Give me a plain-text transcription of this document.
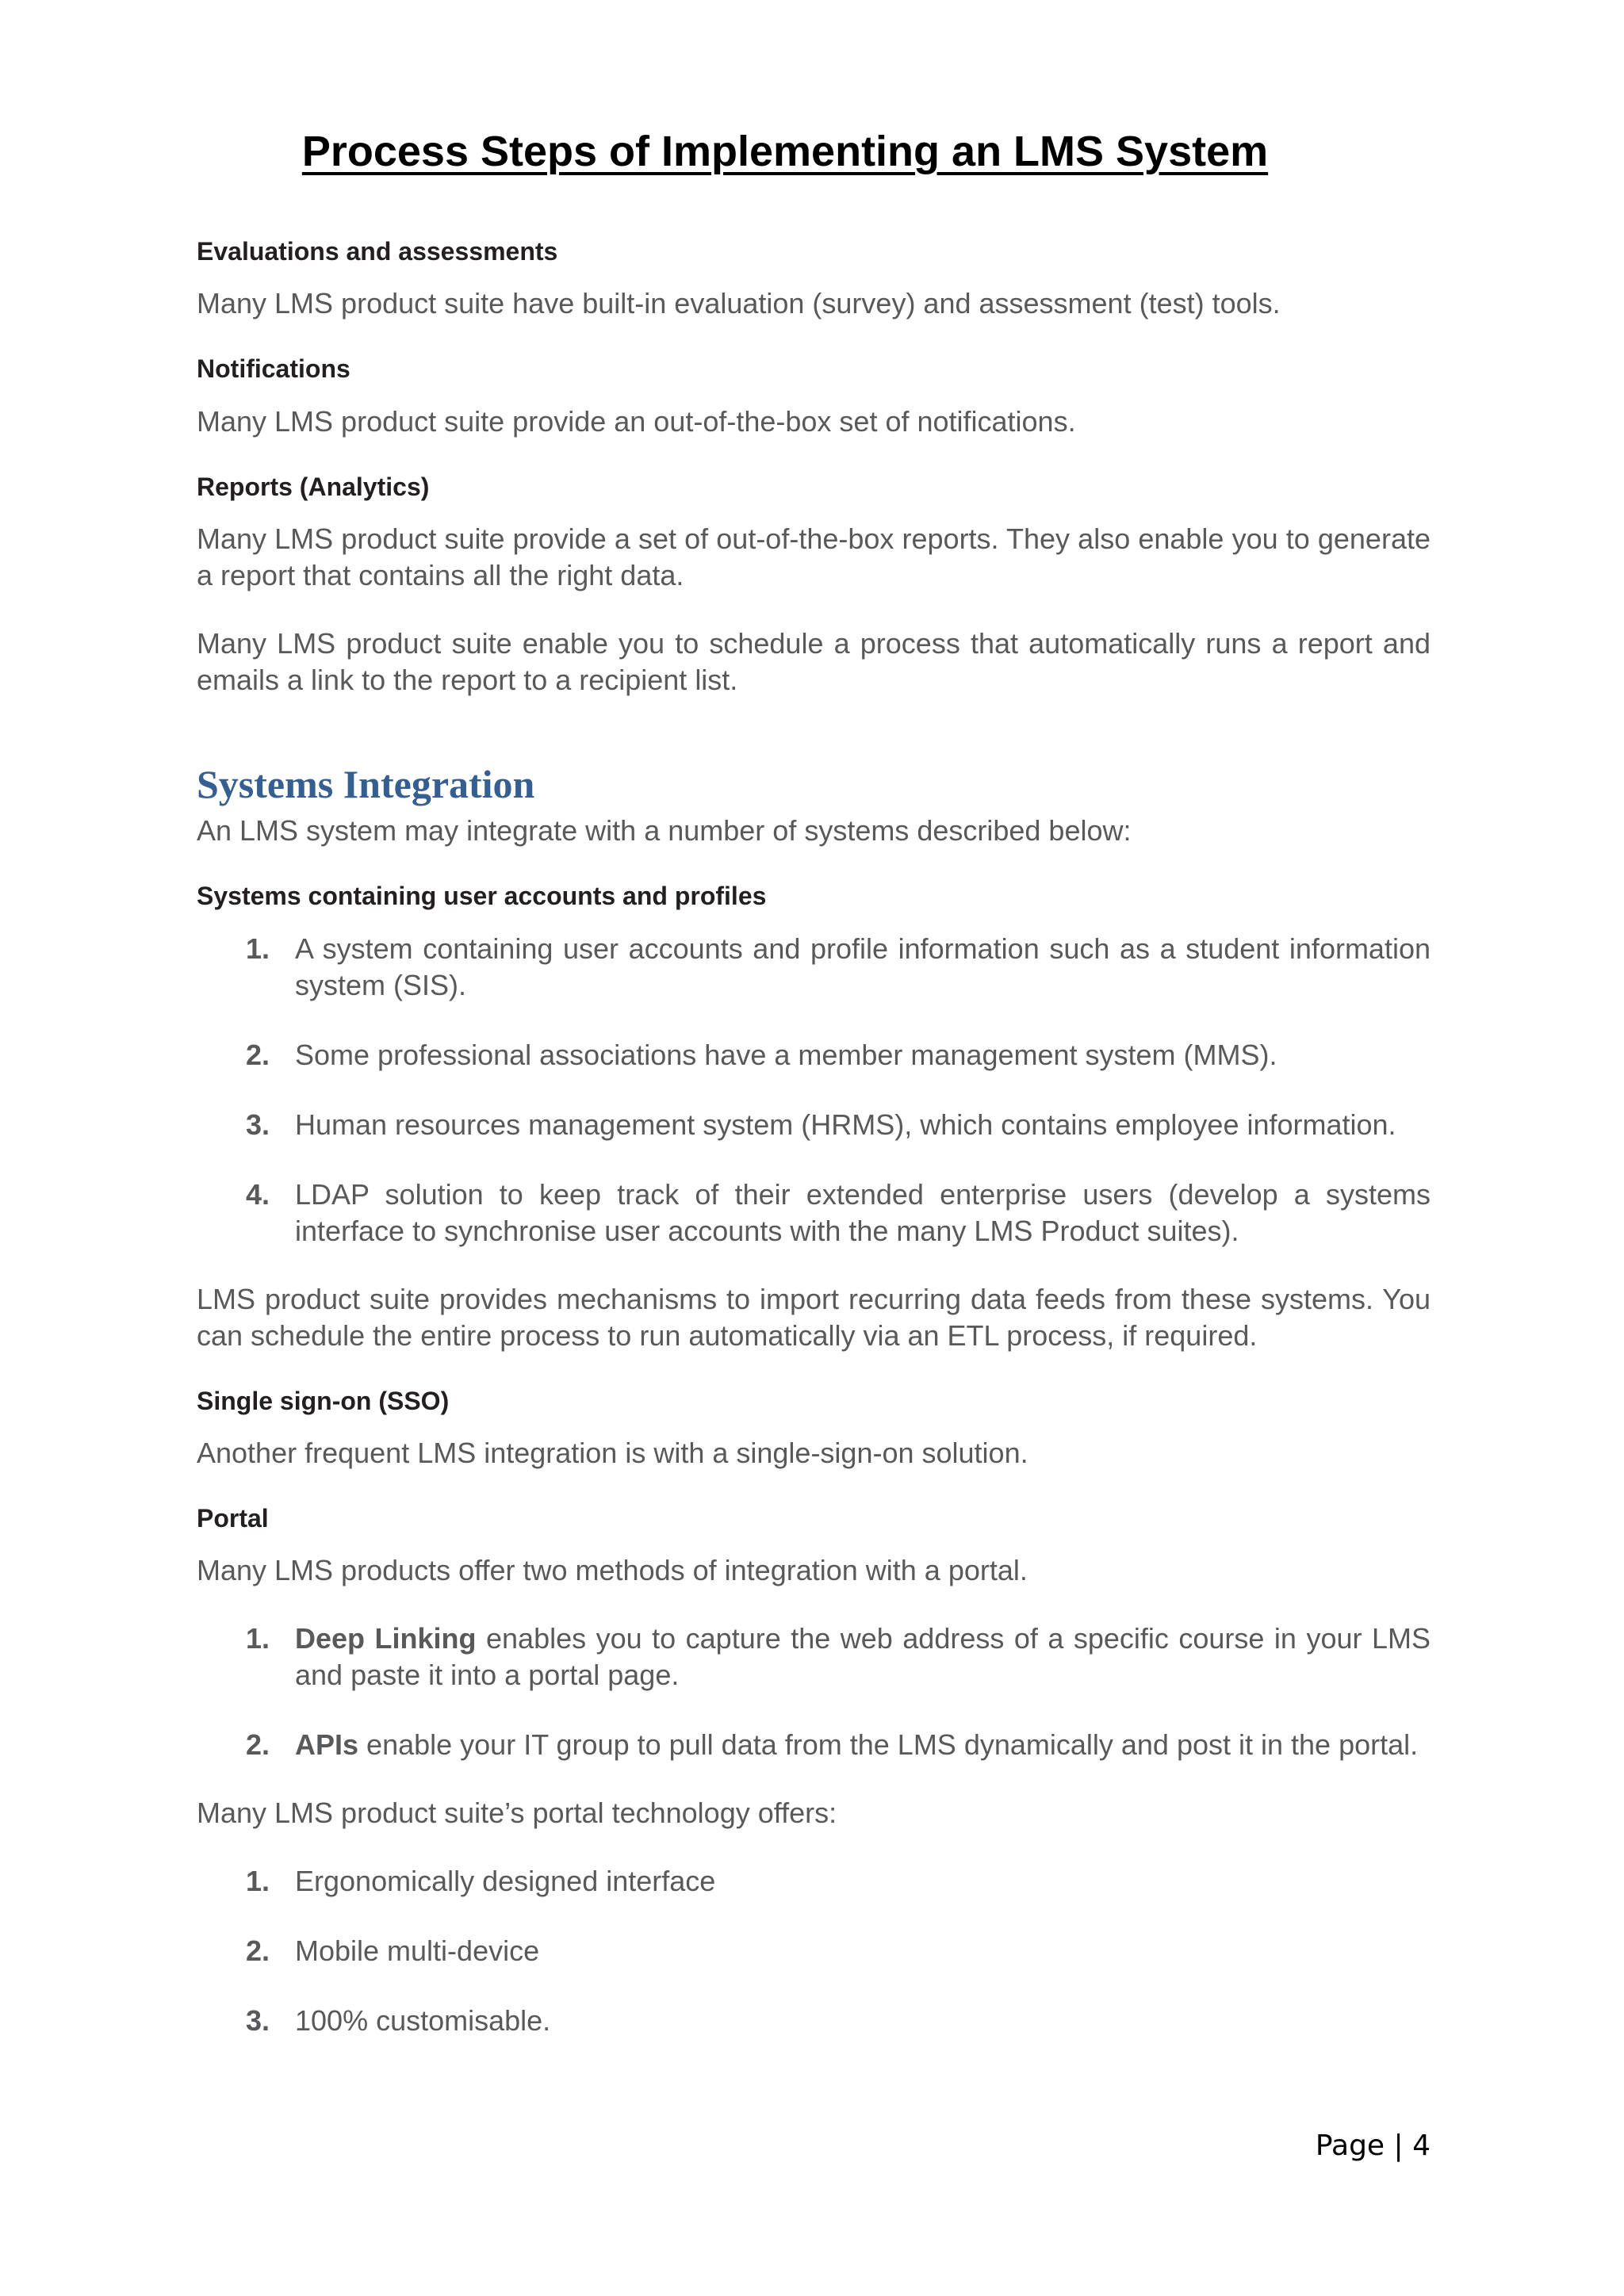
Process Steps of Implementing an LMS System
Evaluations and assessments

Many LMS product suite have built-in evaluation (survey) and assessment (test) tools.

Notifications

Many LMS product suite provide an out-of-the-box set of notifications.

Reports (Analytics)

Many LMS product suite provide a set of out-of-the-box reports. They also enable you to generate a report that contains all the right data.

Many LMS product suite enable you to schedule a process that automatically runs a report and emails a link to the report to a recipient list.

Systems Integration

An LMS system may integrate with a number of systems described below:

Systems containing user accounts and profiles
1. A system containing user accounts and profile information such as a student information system (SIS).
2. Some professional associations have a member management system (MMS).
3. Human resources management system (HRMS), which contains employee information.
4. LDAP solution to keep track of their extended enterprise users (develop a systems interface to synchronise user accounts with the many LMS Product suites).

LMS product suite provides mechanisms to import recurring data feeds from these systems. You can schedule the entire process to run automatically via an ETL process, if required.

Single sign-on (SSO)

Another frequent LMS integration is with a single-sign-on solution.

Portal

Many LMS products offer two methods of integration with a portal.

1. Deep Linking enables you to capture the web address of a specific course in your LMS and paste it into a portal page.
2. APIs enable your IT group to pull data from the LMS dynamically and post it in the portal.

Many LMS product suite’s portal technology offers:

1. Ergonomically designed interface
2. Mobile multi-device
3. 100% customisable.
Page | 4
